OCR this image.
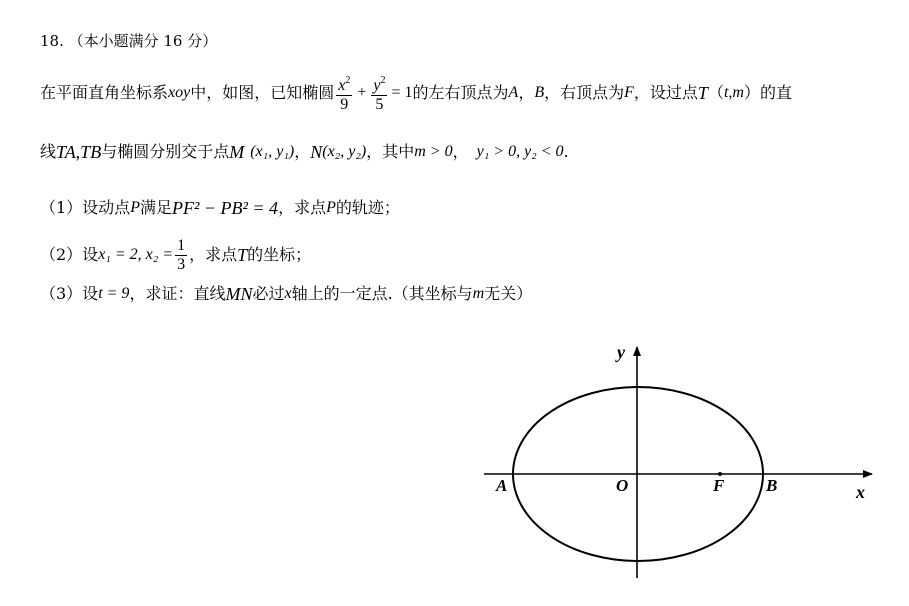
18. （本小题满分 16 分）
在平面直角坐标系 xoy 中，如图，已知椭圆 $\frac{x^2}{9} + \frac{y^2}{5} = 1$ 的左右顶点为 A ， B ，右顶点为 F ，设过点 T （ t,m ）的直
线 TA,TB 与椭圆分别交于点 M (x₁, y₁) ， N (x₂, y₂) ，其中 m > 0 ， y₁ > 0, y₂ < 0 .
（1）设动点 P 满足 PF² − PB² = 4 ，求点 P 的轨迹；
（2）设 x₁ = 2, $x_2 = \frac{1}{3}$ ，求点 T 的坐标；
（3）设 t = 9 ，求证：直线 MN 必过 x 轴上的一定点.（其坐标与 m 无关）
y
x
A	O	F B
